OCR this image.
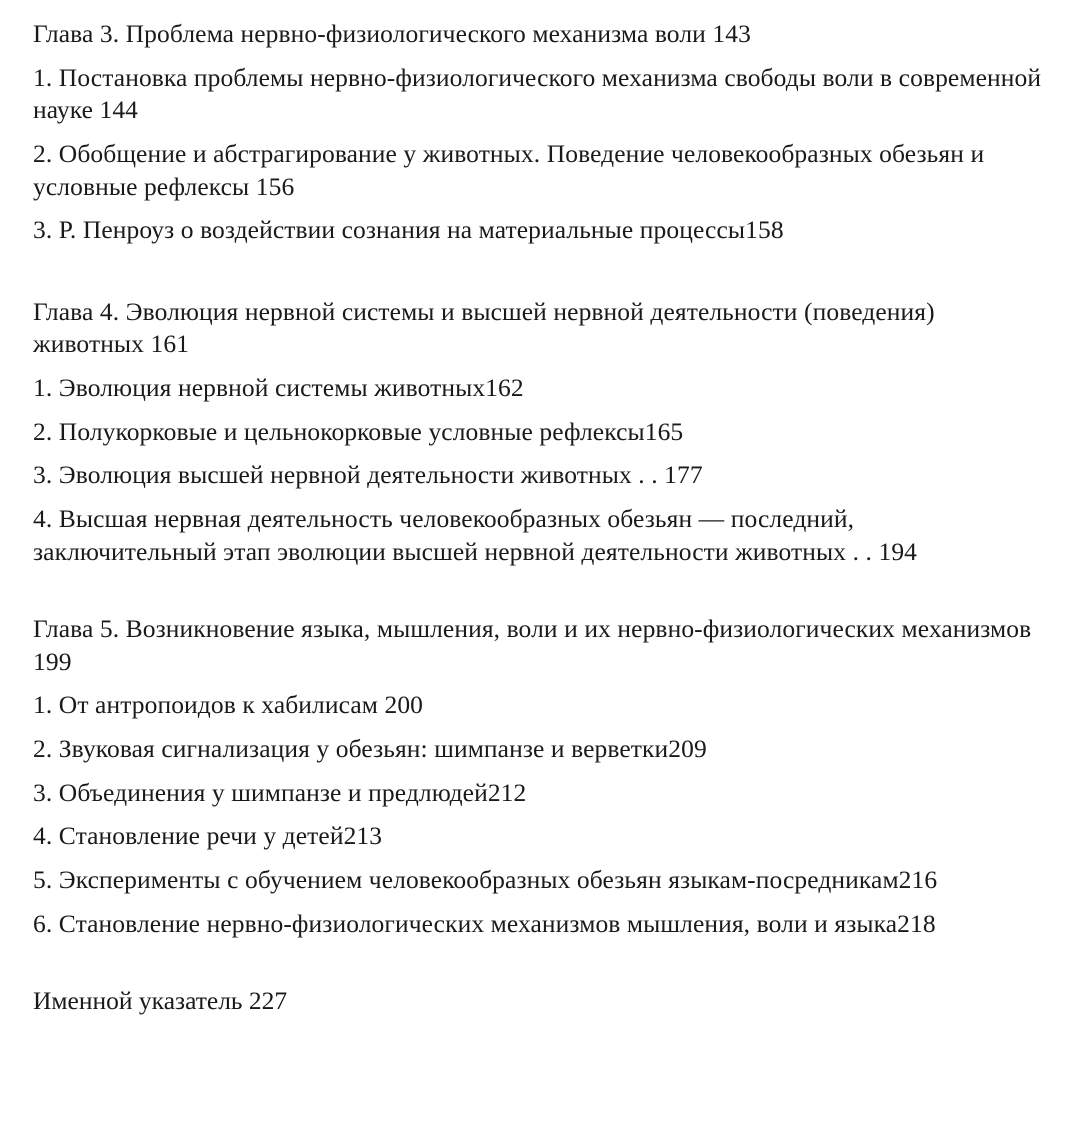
Глава 3. Проблема нервно-физиологического механизма воли 143

1. Постановка проблемы нервно-физиологического механизма свободы воли в современной науке 144

2. Обобщение и абстрагирование у животных. Поведение человекообразных обезьян и условные рефлексы 156

3. Р. Пенроуз о воздействии сознания на материальные процессы158

Глава 4. Эволюция нервной системы и высшей нервной деятельности (поведения) животных 161

1. Эволюция нервной системы животных162

2. Полукорковые и цельнокорковые условные рефлексы165

3. Эволюция высшей нервной деятельности животных . . 177

4. Высшая нервная деятельность человекообразных обезьян — последний, заключительный этап эволюции высшей нервной деятельности животных . . 194

Глава 5. Возникновение языка, мышления, воли и их нервно-физиологических механизмов 199

1. От антропоидов к хабилисам 200

2. Звуковая сигнализация у обезьян: шимпанзе и верветки209

3. Объединения у шимпанзе и предлюдей212

4. Становление речи у детей213

5. Эксперименты с обучением человекообразных обезьян языкам-посредникам216

6. Становление нервно-физиологических механизмов мышления, воли и языка218

Именной указатель 227
